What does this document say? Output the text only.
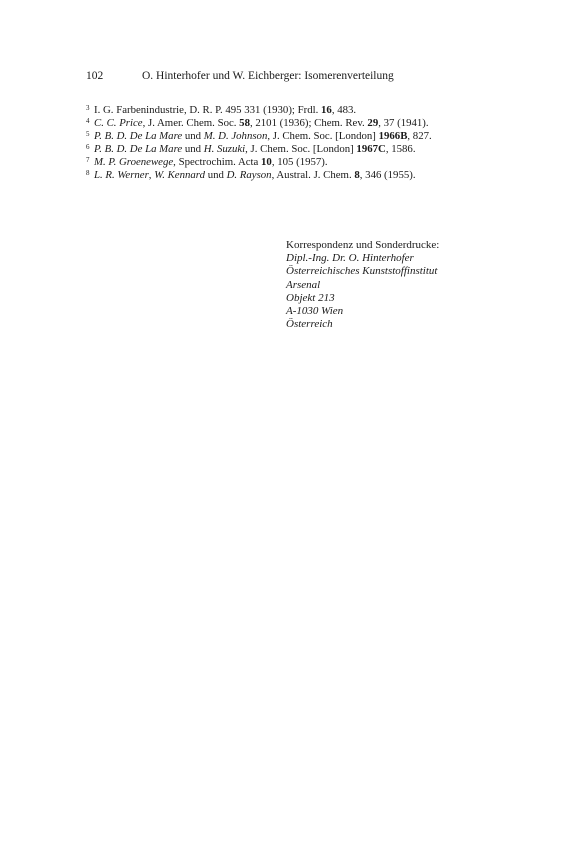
102	O. Hinterhofer und W. Eichberger: Isomerenverteilung

3 I. G. Farbenindustrie, D. R. P. 495 331 (1930); Frdl. 16, 483.

4 C. C. Price, J. Amer. Chem. Soc. 58, 2101 (1936); Chem. Rev. 29, 37 (1941).

5 P. B. D. De La Mare und M. D. Johnson, J. Chem. Soc. [London] 1966B, 827.

6 P. B. D. De La Mare und H. Suzuki, J. Chem. Soc. [London] 1967C, 1586.

7 M. P. Groenewege, Spectrochim. Acta 10, 105 (1957).

8 L. R. Werner, W. Kennard und D. Rayson, Austral. J. Chem. 8, 346 (1955).

Korrespondenz und Sonderdrucke:
Dipl.-Ing. Dr. O. Hinterhofer
Österreichisches Kunststoffinstitut
Arsenal
Objekt 213
A-1030 Wien
Österreich
